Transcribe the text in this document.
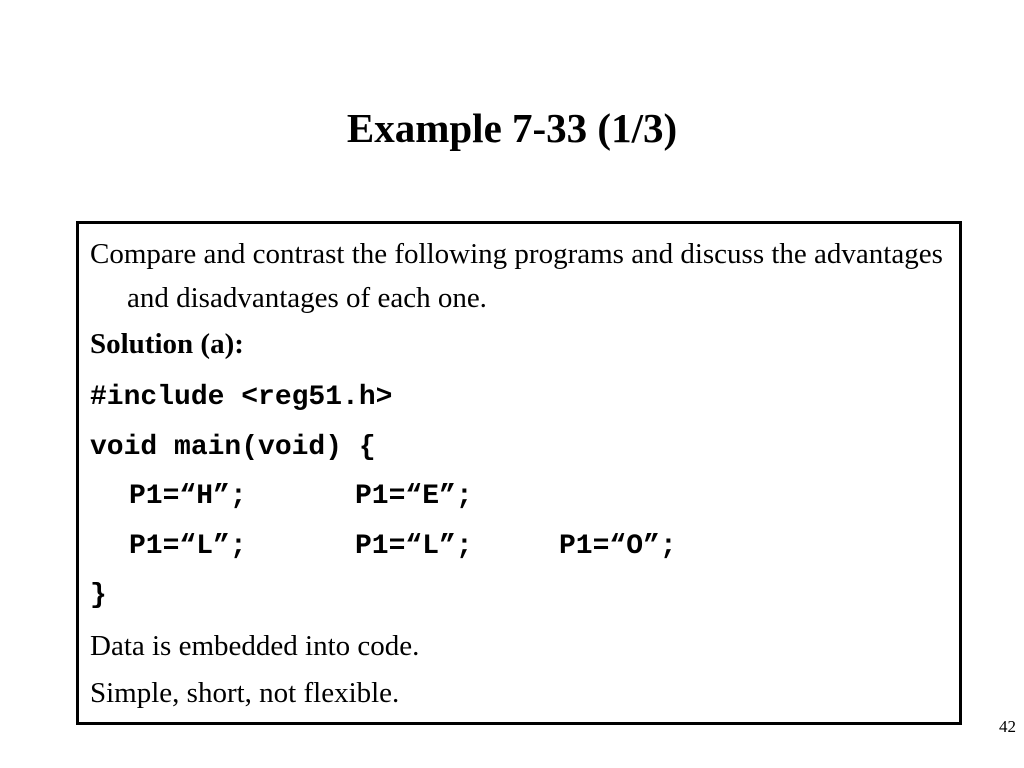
Example 7-33 (1/3)
Compare and contrast the following programs and discuss the advantages and disadvantages of each one.
Solution (a):
#include <reg51.h>
void main(void) {
P1=“H”;	P1=“E”;
P1=“L”;	P1=“L”;	P1=“O”;
}
Data is embedded into code.
Simple, short, not flexible.
42
